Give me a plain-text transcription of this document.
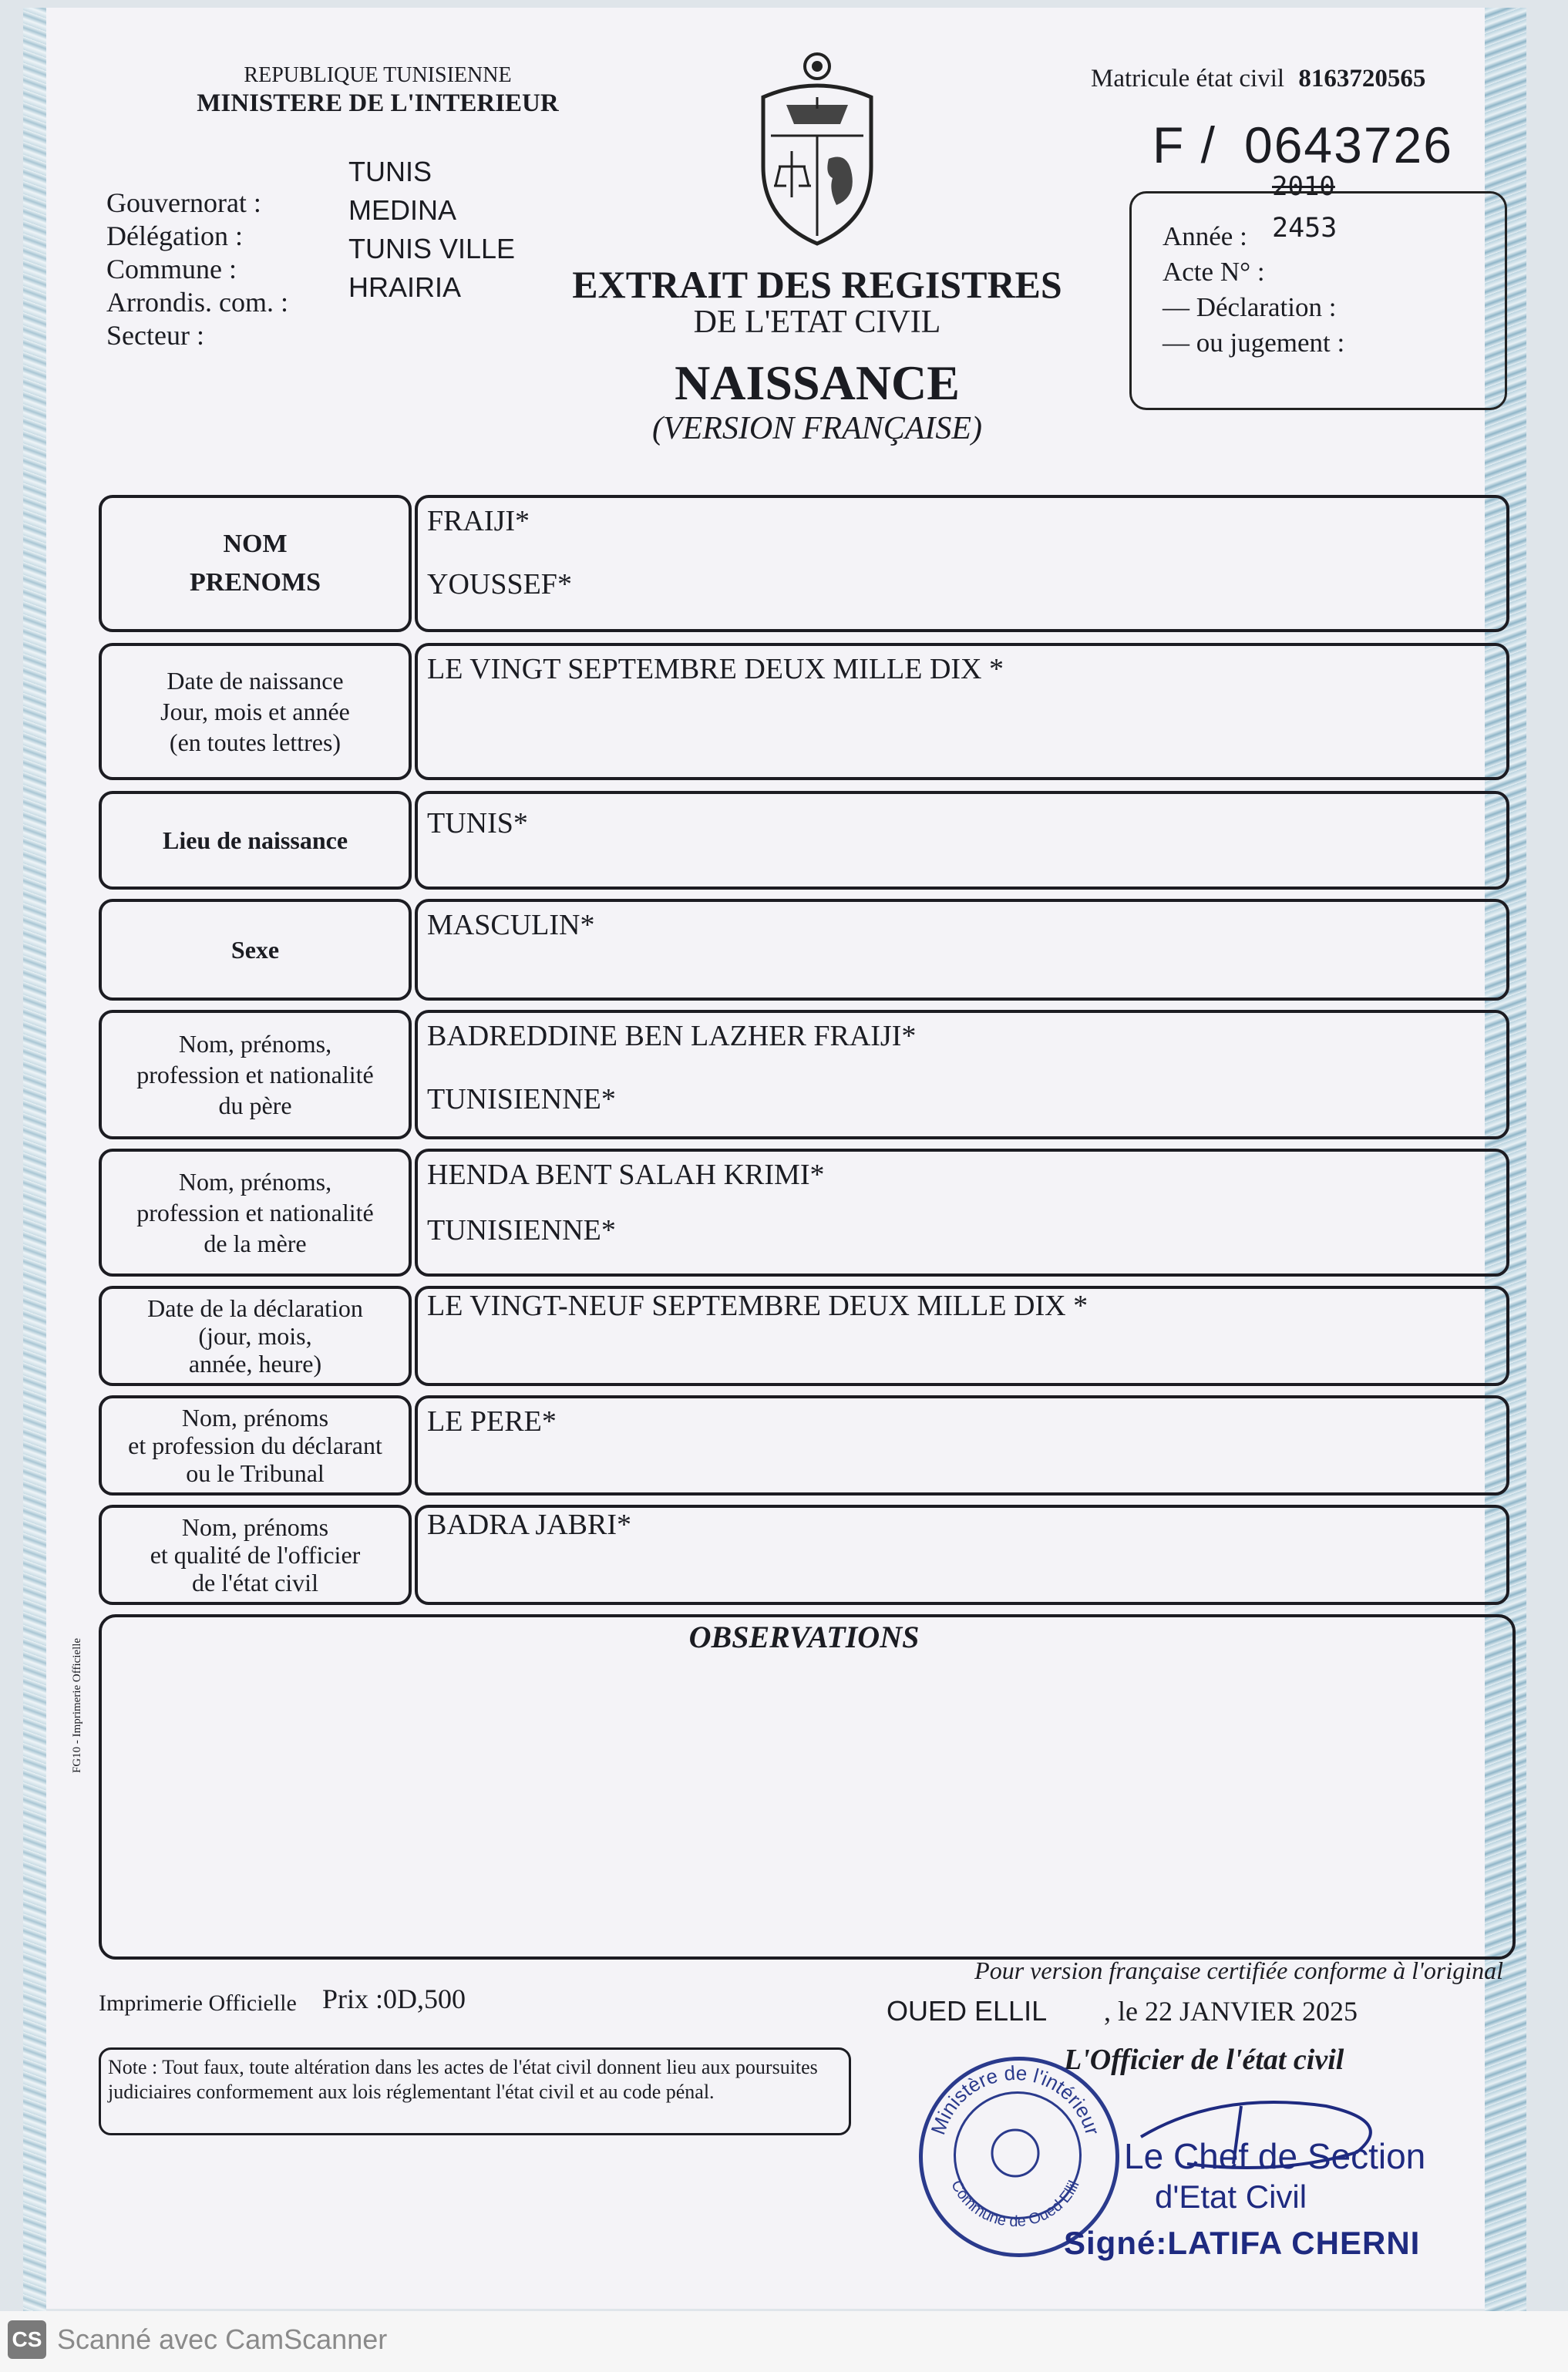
REPUBLIQUE TUNISIENNE
MINISTERE DE L'INTERIEUR
Gouvernorat :
Délégation :
Commune :
Arrondis. com. :
Secteur :
TUNIS
MEDINA
TUNIS VILLE
HRAIRIA
Matricule état civil 8163720565
F / 0643726
2010
Année :
Acte N° :
— Déclaration :
— ou jugement :
2453
EXTRAIT DES REGISTRES
DE L'ETAT CIVIL
NAISSANCE
(VERSION FRANÇAISE)
NOM
PRENOMS
FRAIJI*
YOUSSEF*
Date de naissance
Jour, mois et année
(en toutes lettres)
LE VINGT SEPTEMBRE DEUX MILLE DIX *
Lieu de naissance
TUNIS*
Sexe
MASCULIN*
Nom, prénoms,
profession et nationalité
du père
BADREDDINE BEN LAZHER FRAIJI*
TUNISIENNE*
Nom, prénoms,
profession et nationalité
de la mère
HENDA BENT SALAH KRIMI*
TUNISIENNE*
Date de la déclaration
(jour, mois,
année, heure)
LE VINGT-NEUF SEPTEMBRE DEUX MILLE DIX *
Nom, prénoms
et profession du déclarant
ou le Tribunal
LE PERE*
Nom, prénoms
et qualité de l'officier
de l'état civil
BADRA JABRI*
OBSERVATIONS
FG10 - Imprimerie Officielle
Pour version française certifiée conforme à l'original
Imprimerie Officielle Prix :0D,500	OUED ELLIL , le 22 JANVIER 2025
Note : Tout faux, toute altération dans les actes de l'état civil donnent lieu aux poursuites judiciaires conformement aux lois réglementant l'état civil et au code pénal.
L'Officier de l'état civil
Ministère de l'intérieur
Commune de Oued Ellil
Le Chef de Section
d'Etat Civil
Signé:LATIFA CHERNI
CS Scanné avec CamScanner
